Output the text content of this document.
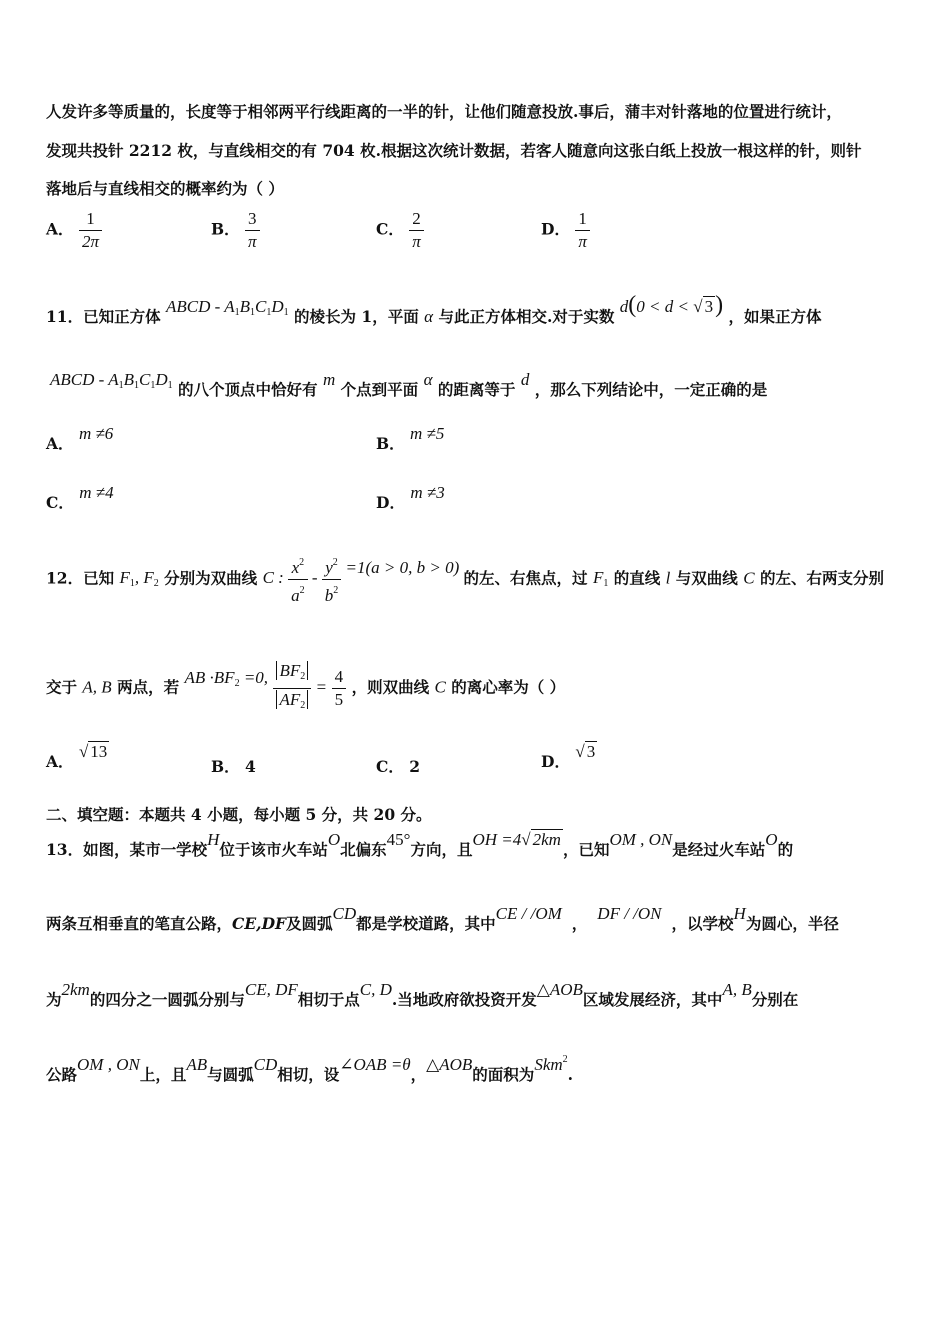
人发许多等质量的，长度等于相邻两平行线距离的一半的针，让他们随意投放.事后，蒲丰对针落地的位置进行统计，
发现共投针 2212 枚，与直线相交的有 704 枚.根据这次统计数据，若客人随意向这张白纸上投放一根这样的针，则针
落地后与直线相交的概率约为（ ）
A． $\frac{1}{2\pi}$	B． $\frac{3}{\pi}$	C． $\frac{2}{\pi}$	D． $\frac{1}{\pi}$
11．已知正方体 ABCD - $A_1B_1C_1D_1$ 的棱长为 1，平面 α 与此正方体相交.对于实数 d(0 < d < √ 3) ，如果正方体
ABCD - $A_1B_1C_1D_1$ 的八个顶点中恰好有 m 个点到平面 α 的距离等于 d ，那么下列结论中，一定正确的是
A． m ≠6
B． m ≠5
C． m ≠4
D． m ≠3
12．已知 $F_1$, $F_2$ 分别为双曲线 C : $\frac{x^2}{a^2} - \frac{y^2}{b^2} =1(a > 0$, b > 0) 的左、右焦点，过 $F_1$ 的直线 l 与双曲线 C 的左、右两支分别
交于 A, B 两点，若 AB $\cdot BF_2 =0$, $\frac{BF_2}{AF_2} = \frac{4}{5}$ ，则双曲线 C 的离心率为（ ）
A． √ 13
B． 4	C． 2	D． √ 3
二、填空题：本题共 4 小题，每小题 5 分，共 20 分。
13．如图，某市一学校H位于该市火车站O北偏东45°方向，且OH =4√ 2km，已知OM , ON是经过火车站O的
两条互相垂直的笔直公路，CE,DF及圆弧CD都是学校道路，其中CE / /OM，DF / /ON，以学校H为圆心，半径
为2km的四分之一圆弧分别与CE, DF相切于点C, D.当地政府欲投资开发△AOB区域发展经济，其中A, B分别在
公路OM , ON上，且AB与圆弧CD相切，设∠OAB =θ，△AOB的面积为Skm$^2$.
